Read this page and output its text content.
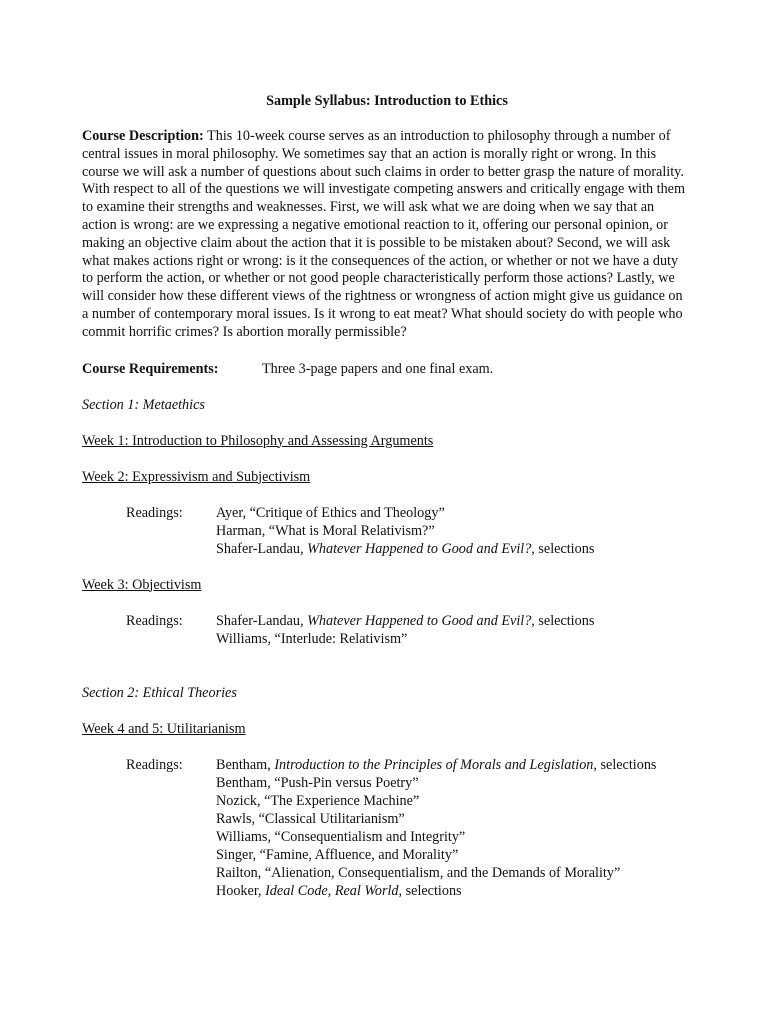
Sample Syllabus: Introduction to Ethics
Course Description: This 10-week course serves as an introduction to philosophy through a number of central issues in moral philosophy. We sometimes say that an action is morally right or wrong. In this course we will ask a number of questions about such claims in order to better grasp the nature of morality. With respect to all of the questions we will investigate competing answers and critically engage with them to examine their strengths and weaknesses. First, we will ask what we are doing when we say that an action is wrong: are we expressing a negative emotional reaction to it, offering our personal opinion, or making an objective claim about the action that it is possible to be mistaken about? Second, we will ask what makes actions right or wrong: is it the consequences of the action, or whether or not we have a duty to perform the action, or whether or not good people characteristically perform those actions? Lastly, we will consider how these different views of the rightness or wrongness of action might give us guidance on a number of contemporary moral issues. Is it wrong to eat meat? What should society do with people who commit horrific crimes? Is abortion morally permissible?
Course Requirements:	Three 3-page papers and one final exam.
Section 1: Metaethics
Week 1: Introduction to Philosophy and Assessing Arguments
Week 2: Expressivism and Subjectivism
Readings: Ayer, “Critique of Ethics and Theology”
Harman, “What is Moral Relativism?”
Shafer-Landau, Whatever Happened to Good and Evil?, selections
Week 3: Objectivism
Readings: Shafer-Landau, Whatever Happened to Good and Evil?, selections
Williams, “Interlude: Relativism”
Section 2: Ethical Theories
Week 4 and 5: Utilitarianism
Readings: Bentham, Introduction to the Principles of Morals and Legislation, selections
Bentham, “Push-Pin versus Poetry”
Nozick, “The Experience Machine”
Rawls, “Classical Utilitarianism”
Williams, “Consequentialism and Integrity”
Singer, “Famine, Affluence, and Morality”
Railton, “Alienation, Consequentialism, and the Demands of Morality”
Hooker, Ideal Code, Real World, selections
